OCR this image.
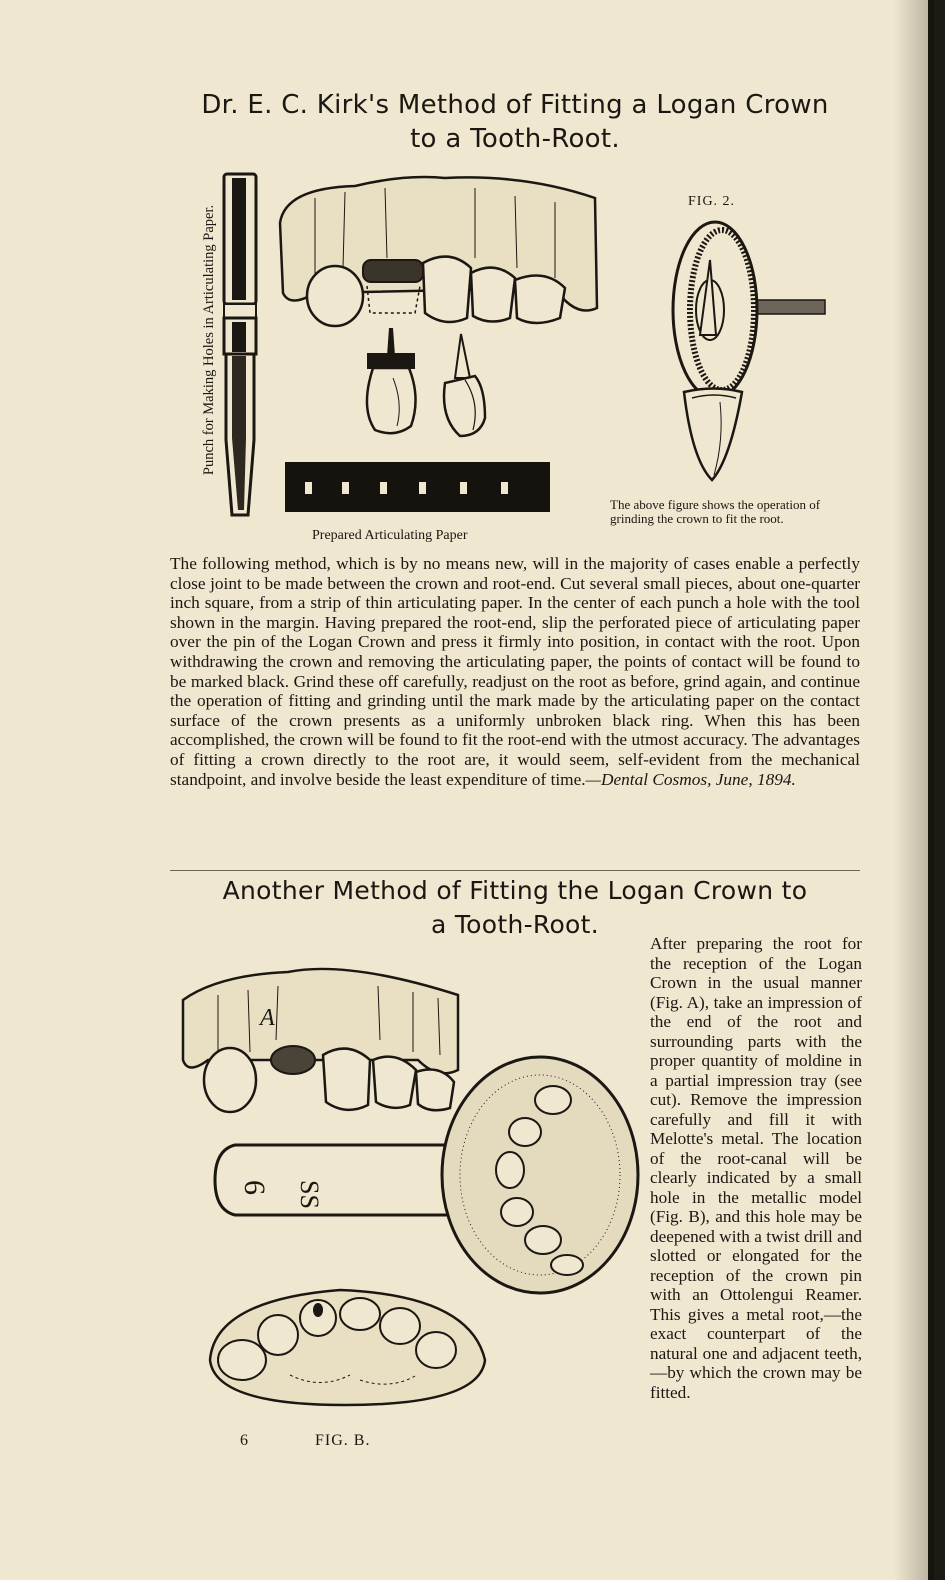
Dr. E. C. Kirk's Method of Fitting a Logan Crown
to a Tooth-Root.
Punch for Making Holes in Articulating Paper.
Prepared Articulating Paper
FIG. 2.
The above figure shows the operation of grinding the crown to fit the root.

The following method, which is by no means new, will in the majority of cases enable a perfectly close joint to be made between the crown and root-end. Cut several small pieces, about one-quarter inch square, from a strip of thin articulating paper. In the center of each punch a hole with the tool shown in the margin. Having prepared the root-end, slip the perforated piece of articulating paper over the pin of the Logan Crown and press it firmly into position, in contact with the root. Upon withdrawing the crown and removing the articulating paper, the points of contact will be found to be marked black. Grind these off carefully, readjust on the root as before, grind again, and continue the operation of fitting and grinding until the mark made by the articulating paper on the contact surface of the crown presents as a uniformly unbroken black ring. When this has been accomplished, the crown will be found to fit the root-end with the utmost accuracy. The advantages of fitting a crown directly to the root are, it would seem, self-evident from the mechanical standpoint, and involve beside the least expenditure of time.—Dental Cosmos, June, 1894.

Another Method of Fitting the Logan Crown to
a Tooth-Root.

After preparing the root for the reception of the Logan Crown in the usual manner (Fig. A), take an impression of the end of the root and surrounding parts with the proper quantity of moldine in a partial impression tray (see cut). Remove the impression carefully and fill it with Melotte's metal. The location of the root-canal will be clearly indicated by a small hole in the metallic model (Fig. B), and this hole may be deepened with a twist drill and slotted or elongated for the reception of the crown pin with an Ottolengui Reamer. This gives a metal root,—the exact counterpart of the natural one and adjacent teeth,—by which the crown may be fitted.

A
6 SS
6	FIG. B.
